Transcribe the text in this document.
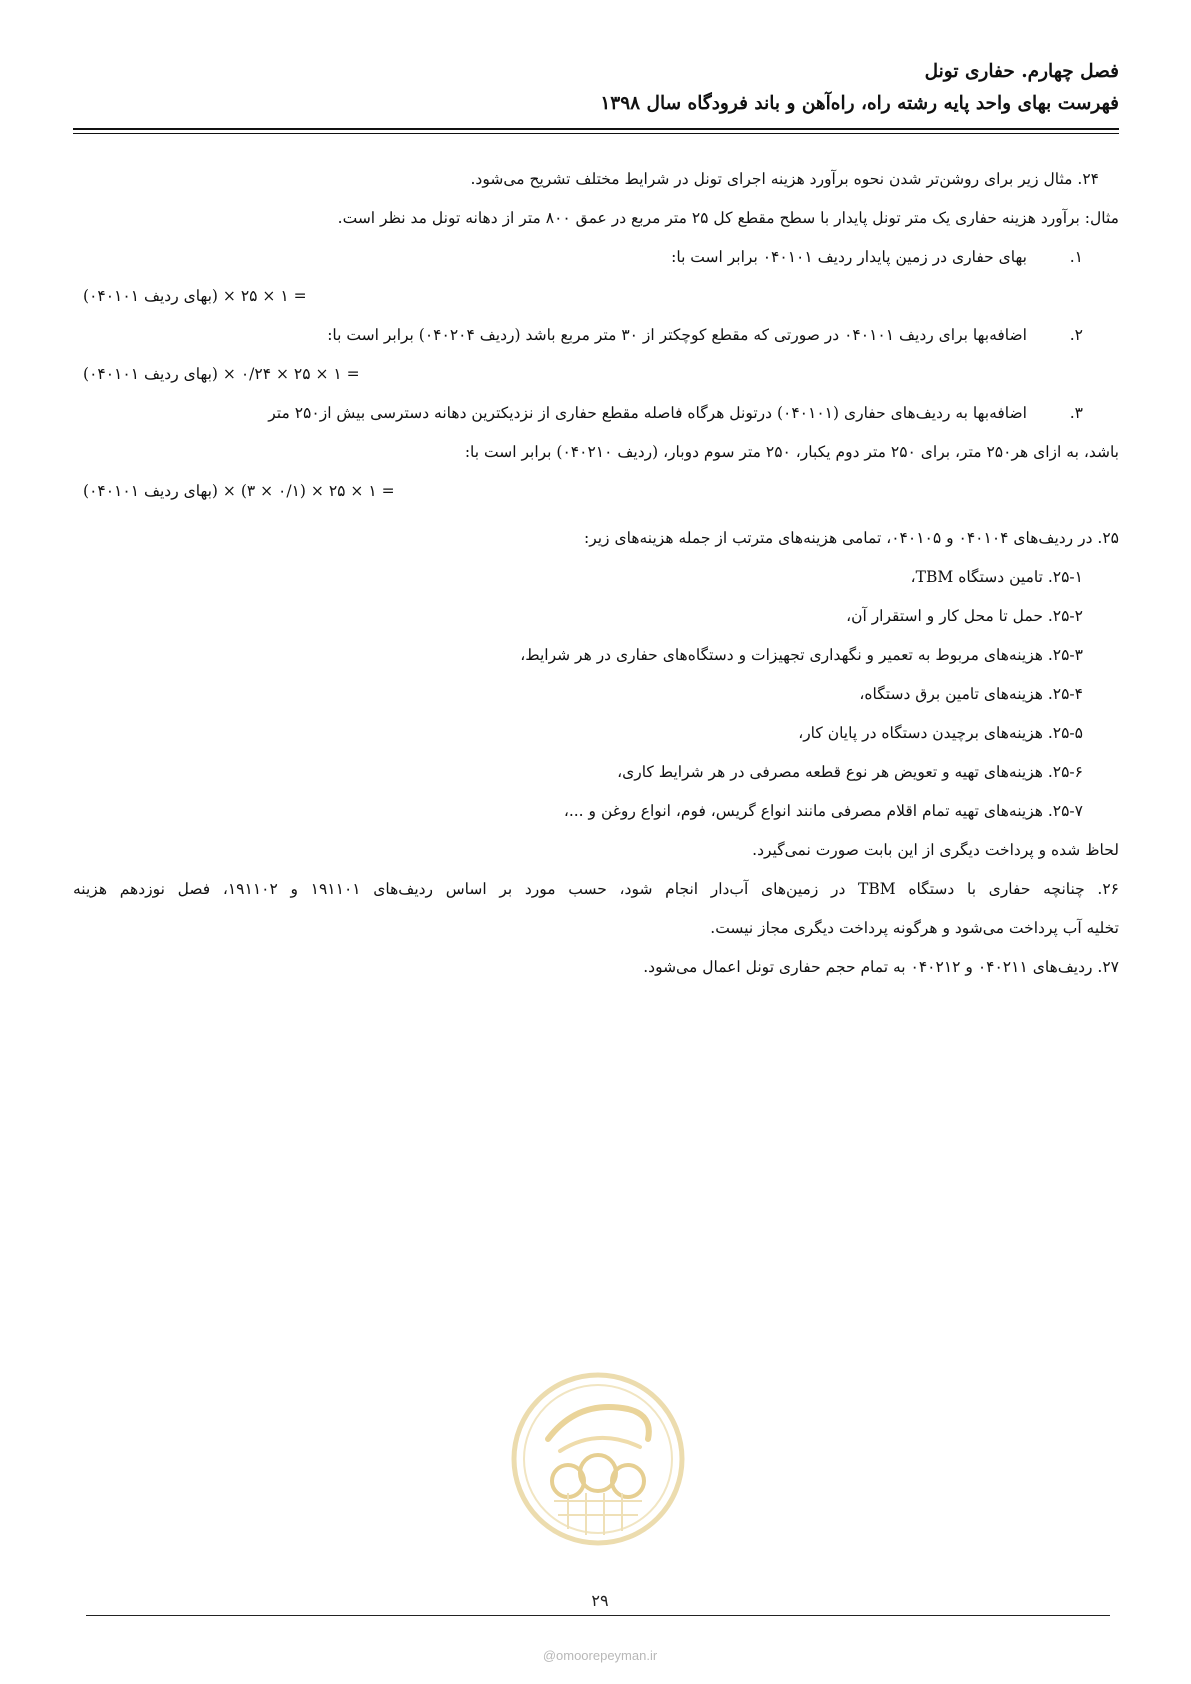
فصل چهارم. حفاری تونل
فهرست بهای واحد پایه رشته راه، راه‌آهن و باند فرودگاه سال ۱۳۹۸
۲۴. مثال زیر برای روشن‌تر شدن نحوه برآورد هزینه اجرای تونل در شرایط مختلف تشریح می‌شود.
مثال: برآورد هزینه حفاری یک متر تونل پایدار با سطح مقطع کل ۲۵ متر مربع در عمق ۸۰۰ متر از دهانه تونل مد نظر است.
۱.بهای حفاری در زمین پایدار ردیف ۰۴۰۱۰۱ برابر است با:
= ۱ × ۲۵ × (بهای ردیف ۰۴۰۱۰۱)
۲.اضافه‌بها برای ردیف ۰۴۰۱۰۱ در صورتی که مقطع کوچکتر از ۳۰ متر مربع باشد (ردیف ۰۴۰۲۰۴) برابر است با:
= ۱ × ۲۵ × ۰/۲۴ × (بهای ردیف ۰۴۰۱۰۱)
۳.اضافه‌بها به ردیف‌های حفاری (۰۴۰۱۰۱) درتونل هرگاه فاصله مقطع حفاری از نزدیکترین دهانه دسترسی بیش از۲۵۰ متر
باشد، به ازای هر۲۵۰ متر، برای ۲۵۰ متر دوم یکبار، ۲۵۰ متر سوم دوبار، (ردیف ۰۴۰۲۱۰) برابر است با:
= ۱ × ۲۵ × (۰/۱ × ۳) × (بهای ردیف ۰۴۰۱۰۱)
۲۵. در ردیف‌های ۰۴۰۱۰۴ و ۰۴۰۱۰۵، تمامی هزینه‌های مترتب از جمله هزینه‌های زیر:
۲۵-۱. تامین دستگاه TBM،
۲۵-۲. حمل تا محل کار و استقرار آن،
۲۵-۳. هزینه‌های مربوط به تعمیر و نگهداری تجهیزات و دستگاه‌های حفاری در هر شرایط،
۲۵-۴. هزینه‌های تامین برق دستگاه،
۲۵-۵. هزینه‌های برچیدن دستگاه در پایان کار،
۲۵-۶. هزینه‌های تهیه و تعویض هر نوع قطعه مصرفی در هر شرایط کاری،
۲۵-۷. هزینه‌های تهیه تمام اقلام مصرفی مانند انواع گریس، فوم، انواع روغن و ...،
لحاظ شده و پرداخت دیگری از این بابت صورت نمی‌گیرد.
۲۶. چنانچه حفاری با دستگاه TBM در زمین‌های آب‌دار انجام شود، حسب مورد بر اساس ردیف‌های ۱۹۱۱۰۱ و ۱۹۱۱۰۲، فصل نوزدهم هزینه
تخلیه آب پرداخت می‌شود و هرگونه پرداخت دیگری مجاز نیست.
۲۷. ردیف‌های ۰۴۰۲۱۱ و ۰۴۰۲۱۲ به تمام حجم حفاری تونل اعمال می‌شود.
۲۹
@omoorepeyman.ir
